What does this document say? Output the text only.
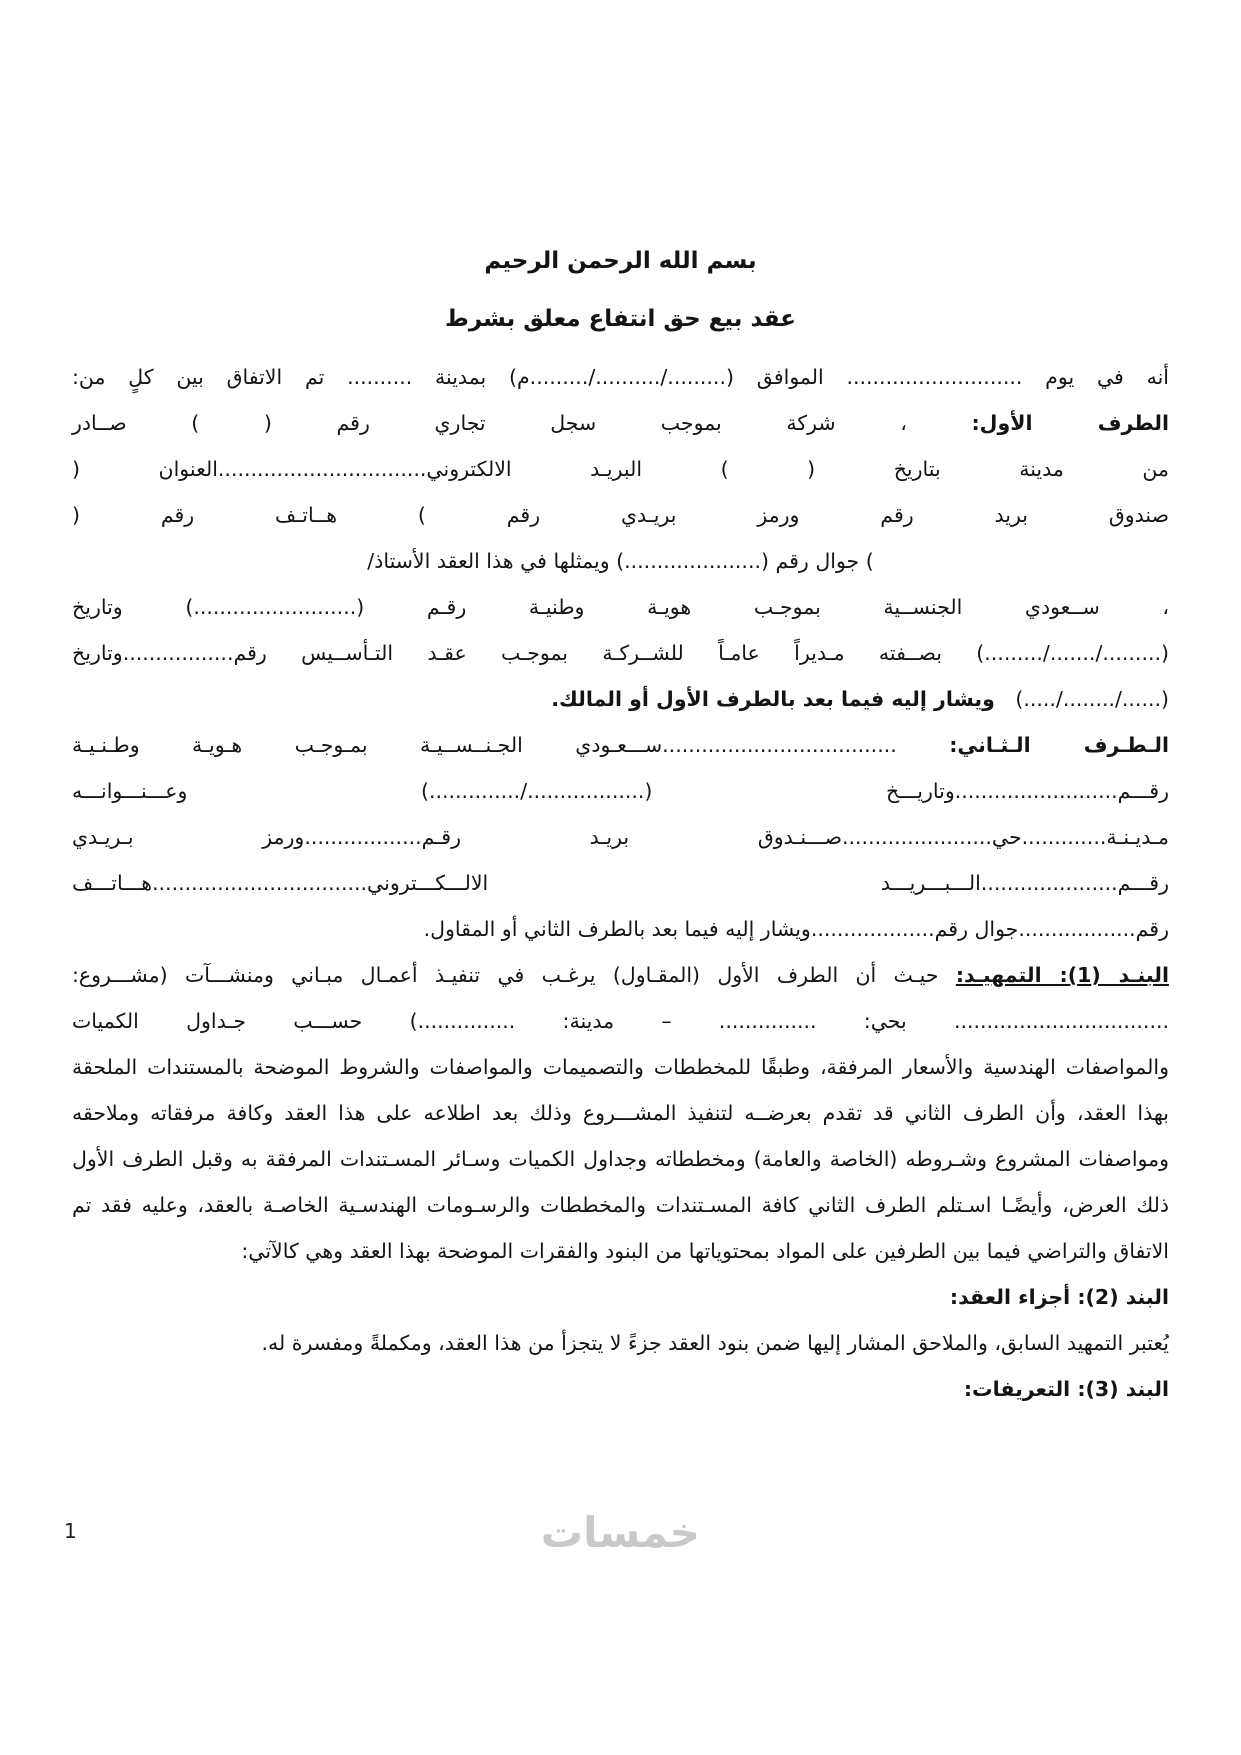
بسم الله الرحمن الرحيم

عقد بيع حق انتفاع معلق بشرط

أنه في يوم ........................... الموافق (........./........../.........م) بمدينة .......... تم الاتفاق بين كلٍ من:

الطرف الأول: ، شركة بموجب سجل تجاري رقم ( ) صــادر

من مدينة بتاريخ ( ) البريـد الالكتروني................................العنوان (

صندوق بريد رقم ورمز بريـدي رقم ) هــاتـف رقم (

) جوال رقم (.....................) ويمثلها في هذا العقد الأستاذ/

، ســعودي الجنســية بموجـب هويـة وطنيـة رقـم (.........................) وتاريخ

(........./......./.........) بصــفته مـديراً عامـاً للشــركـة بموجـب عقـد التـأســيس رقم.................وتاريخ

(....../......../.....) ويشار إليه فيما بعد بالطرف الأول أو المالك.

الـطـرف الـثـاني: ....................................ســـعـودي الجـنــســيـة بمـوجـب هـويـة وطـنـيـة

رقـــم.........................وتاريـــخ (................../..............) وعـــنـــوانـــه

مـديـنـة.............حي.......................صـــنـدوق بريـد رقـم..................ورمز بـريـدي

رقـــم.....................الـــبـــريـــد الالـــكـــتروني.................................هـــاتـــف

رقم..................جوال رقم...................ويشار إليه فيما بعد بالطرف الثاني أو المقاول.

البنـد (1): التمهيـد: حيـث أن الطرف الأول (المقـاول) يرغـب في تنفيـذ أعمـال مبـاني ومنشـــآت (مشـــروع:

................................. بحي: ............... – مدينة: ...............) حســـب جـداول الكميات

والمواصفات الهندسية والأسعار المرفقة، وطبقًا للمخططات والتصميمات والمواصفات والشروط الموضحة بالمستندات الملحقة

بهذا العقد، وأن الطرف الثاني قد تقدم بعرضــه لتنفيذ المشـــروع وذلك بعد اطلاعه على هذا العقد وكافة مرفقاته وملاحقه

ومواصفات المشروع وشـروطه (الخاصة والعامة) ومخططاته وجداول الكميات وسـائر المسـتندات المرفقة به وقبل الطرف الأول

ذلك العرض، وأيضًـا اسـتلم الطرف الثاني كافة المسـتندات والمخططات والرسـومات الهندسـية الخاصـة بالعقد، وعليه فقد تم

الاتفاق والتراضي فيما بين الطرفين على المواد بمحتوياتها من البنود والفقرات الموضحة بهذا العقد وهي كالآتي:

البند (2): أجزاء العقد:

يُعتبر التمهيد السابق، والملاحق المشار إليها ضمن بنود العقد جزءً لا يتجزأ من هذا العقد، ومكملةً ومفسرة له.

البند (3): التعريفات:

خمسات
1
